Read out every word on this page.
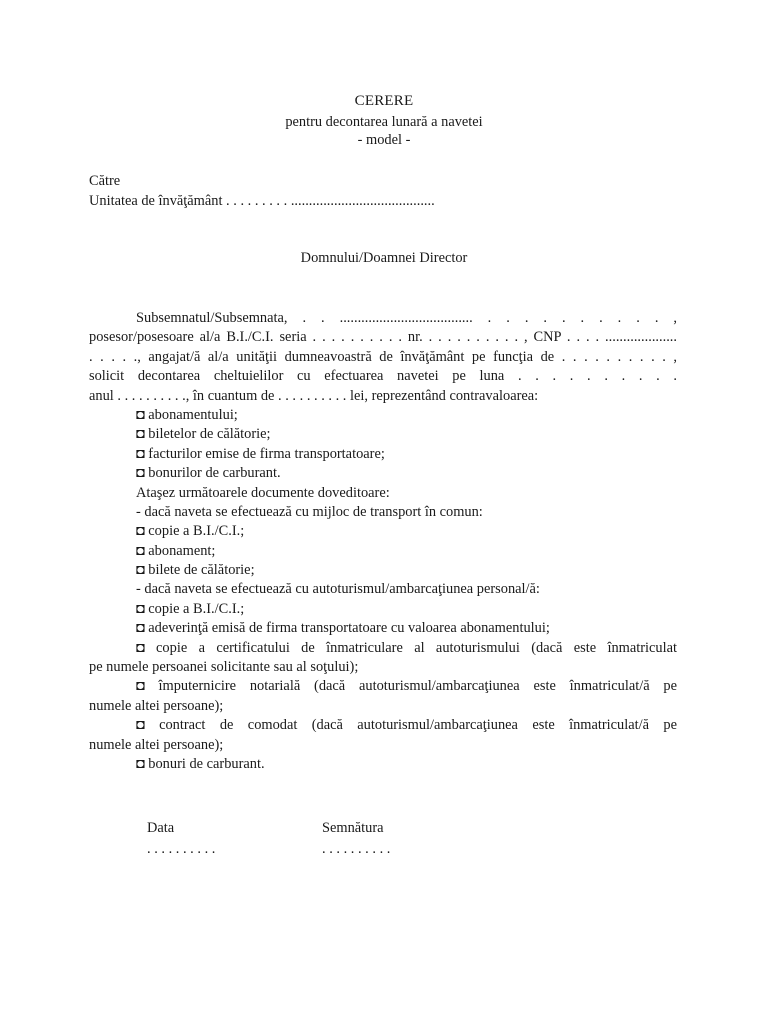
CERERE
pentru decontarea lunară a navetei
- model -
Către
Unitatea de învăţământ . . . . . . . . . ........................................
Domnului/Doamnei Director
Subsemnatul/Subsemnata, . . ..................................... . . . . . . . . . . ,
posesor/posesoare al/a B.I./C.I. seria . . . . . . . . . . nr. . . . . . . . . . . , CNP . . . . ....................
. . . . ., angajat/ă al/a unităţii dumneavoastră de învăţământ pe funcţia de . . . . . . . . . . ,
solicit decontarea cheltuielilor cu efectuarea navetei pe luna . . . . . . . . . .
anul . . . . . . . . . ., în cuantum de . . . . . . . . . . lei, reprezentând contravaloarea:
◘ abonamentului;
◘ biletelor de călătorie;
◘ facturilor emise de firma transportatoare;
◘ bonurilor de carburant.
Ataşez următoarele documente doveditoare:
- dacă naveta se efectuează cu mijloc de transport în comun:
◘ copie a B.I./C.I.;
◘ abonament;
◘ bilete de călătorie;
- dacă naveta se efectuează cu autoturismul/ambarcaţiunea personal/ă:
◘ copie a B.I./C.I.;
◘ adeverinţă emisă de firma transportatoare cu valoarea abonamentului;
◘ copie a certificatului de înmatriculare al autoturismului (dacă este înmatriculat
pe numele persoanei solicitante sau al soţului);
◘ împuternicire notarială (dacă autoturismul/ambarcaţiunea este înmatriculat/ă pe
numele altei persoane);
◘ contract de comodat (dacă autoturismul/ambarcaţiunea este înmatriculat/ă pe
numele altei persoane);
◘ bonuri de carburant.
Data	Semnătura
. . . . . . . . . .	. . . . . . . . . .
